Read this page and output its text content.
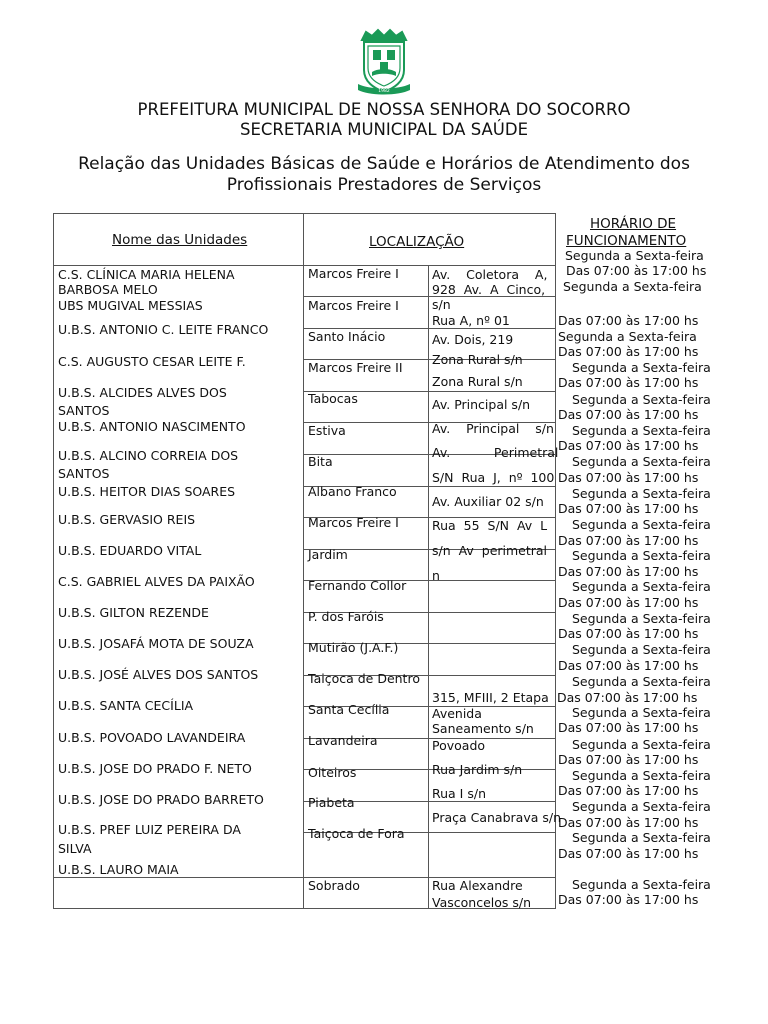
1982
PREFEITURA MUNICIPAL DE NOSSA SENHORA DO SOCORRO
SECRETARIA MUNICIPAL DA SAÚDE
Relação das Unidades Básicas de Saúde e Horários de Atendimento dos
Profissionais Prestadores de Serviços
Nome das Unidades	LOCALIZAÇÃO
HORÁRIO DE
FUNCIONAMENTO
C.S. CLÍNICA MARIA HELENA
BARBOSA MELO
UBS MUGIVAL MESSIAS
U.B.S. ANTONIO C. LEITE FRANCO
C.S. AUGUSTO CESAR LEITE F.
U.B.S. ALCIDES ALVES DOS
SANTOS
U.B.S. ANTONIO NASCIMENTO
U.B.S. ALCINO CORREIA DOS
SANTOS
U.B.S. HEITOR DIAS SOARES
U.B.S. GERVASIO REIS
U.B.S. EDUARDO VITAL
C.S. GABRIEL ALVES DA PAIXÃO
U.B.S. GILTON REZENDE
U.B.S. JOSAFÁ MOTA DE SOUZA
U.B.S. JOSÉ ALVES DOS SANTOS
U.B.S. SANTA CECÍLIA
U.B.S. POVOADO LAVANDEIRA
U.B.S. JOSE DO PRADO F. NETO
U.B.S. JOSE DO PRADO BARRETO
U.B.S. PREF LUIZ PEREIRA DA
SILVA
U.B.S. LAURO MAIA
Marcos Freire I
Marcos Freire I
Santo Inácio
Marcos Freire II
Tabocas
Estiva
Bita
Albano Franco
Marcos Freire I
Jardim
Fernando Collor
P. dos Faróis
Mutirão (J.A.F.)
Taiçoca de Dentro
Santa Cecília
Lavandeira
Oiteiros
Piabeta
Taiçoca de Fora
Sobrado
Av.    Coletora    A,
928  Av.  A  Cinco,
s/n
Rua A, nº 01
Av. Dois, 219
Zona Rural s/n
Zona Rural s/n
Av. Principal s/n
Av.    Principal    s/n
Av.           Perimetral
S/N  Rua  J,  nº  100
Av. Auxiliar 02 s/n
Rua  55  S/N  Av  L
s/n  Av  perimetral
n
315, MFIII, 2 Etapa
Avenida
Saneamento s/n
Povoado
Rua Jardim s/n
Rua I s/n
Praça Canabrava s/n
Rua Alexandre
Vasconcelos s/n
Segunda a Sexta-feira
Das 07:00 às 17:00 hs
Segunda a Sexta-feira
Das 07:00 às 17:00 hs
Segunda a Sexta-feira
Das 07:00 às 17:00 hs
Segunda a Sexta-feira
Das 07:00 às 17:00 hs
Segunda a Sexta-feira
Das 07:00 às 17:00 hs
Segunda a Sexta-feira
Das 07:00 às 17:00 hs
Segunda a Sexta-feira
Das 07:00 às 17:00 hs
Segunda a Sexta-feira
Das 07:00 às 17:00 hs
Segunda a Sexta-feira
Das 07:00 às 17:00 hs
Segunda a Sexta-feira
Das 07:00 às 17:00 hs
Segunda a Sexta-feira
Das 07:00 às 17:00 hs
Segunda a Sexta-feira
Das 07:00 às 17:00 hs
Segunda a Sexta-feira
Das 07:00 às 17:00 hs
Segunda a Sexta-feira
Das 07:00 às 17:00 hs
Segunda a Sexta-feira
Das 07:00 às 17:00 hs
Segunda a Sexta-feira
Das 07:00 às 17:00 hs
Segunda a Sexta-feira
Das 07:00 às 17:00 hs
Segunda a Sexta-feira
Das 07:00 às 17:00 hs
Segunda a Sexta-feira
Das 07:00 às 17:00 hs
Segunda a Sexta-feira
Das 07:00 às 17:00 hs
